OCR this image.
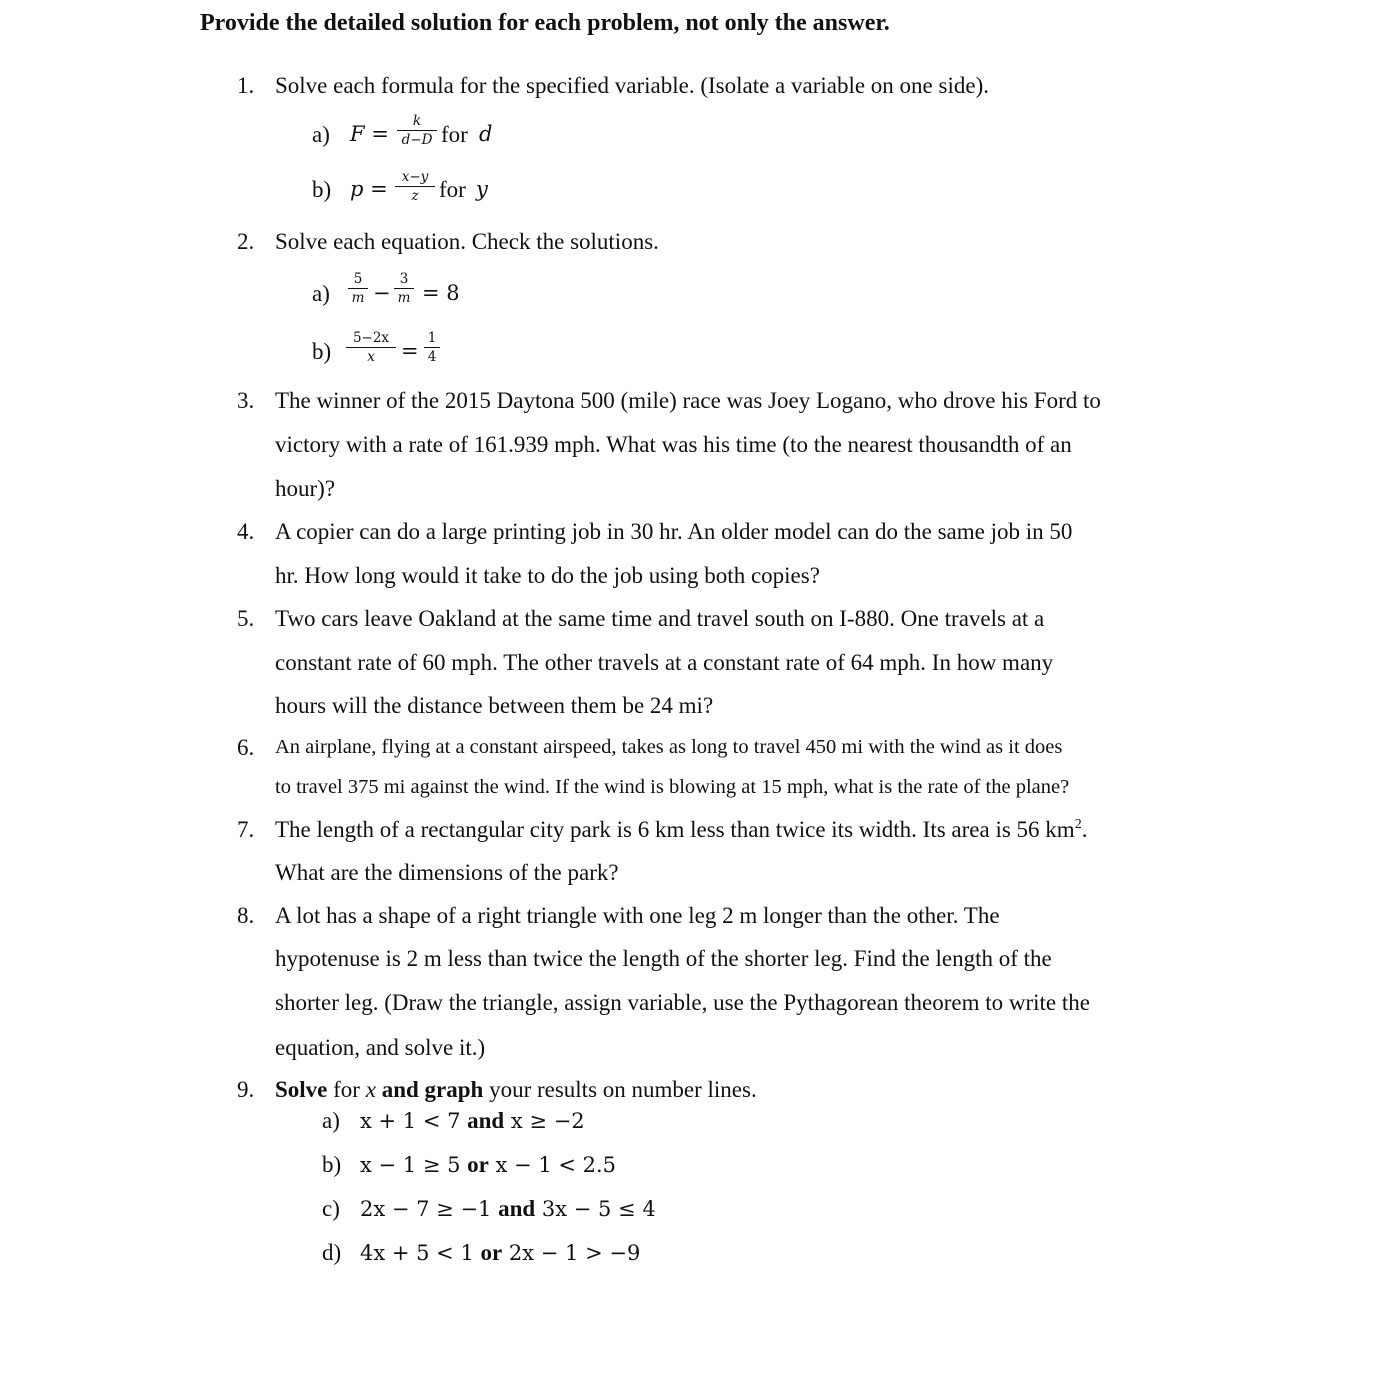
Provide the detailed solution for each problem, not only the answer.
1. Solve each formula for the specified variable. (Isolate a variable on one side).
a) F =
k
d−D for d
b) p =	x−y
z for y
2. Solve each equation. Check the solutions.
a)
5
m −
3
m = 8
b)
5−2x
x	=
1
4
3. The winner of the 2015 Daytona 500 (mile) race was Joey Logano, who drove his Ford to
victory with a rate of 161.939 mph. What was his time (to the nearest thousandth of an
hour)?
4. A copier can do a large printing job in 30 hr. An older model can do the same job in 50
hr. How long would it take to do the job using both copies?
5. Two cars leave Oakland at the same time and travel south on I-880. One travels at a
constant rate of 60 mph. The other travels at a constant rate of 64 mph. In how many
hours will the distance between them be 24 mi?
6. An airplane, flying at a constant airspeed, takes as long to travel 450 mi with the wind as it does
to travel 375 mi against the wind. If the wind is blowing at 15 mph, what is the rate of the plane?
7. The length of a rectangular city park is 6 km less than twice its width. Its area is 56 $km^2$.
What are the dimensions of the park?
8. A lot has a shape of a right triangle with one leg 2 m longer than the other. The
hypotenuse is 2 m less than twice the length of the shorter leg. Find the length of the
shorter leg. (Draw the triangle, assign variable, use the Pythagorean theorem to write the
equation, and solve it.)
9. Solve for x and graph your results on number lines.
a) x + 1 < 7 and x ≥ −2
b) x − 1 ≥ 5 or x − 1 < 2.5
c) 2x − 7 ≥ −1 and 3x − 5 ≤ 4
d) 4x + 5 < 1 or 2x − 1 > −9
